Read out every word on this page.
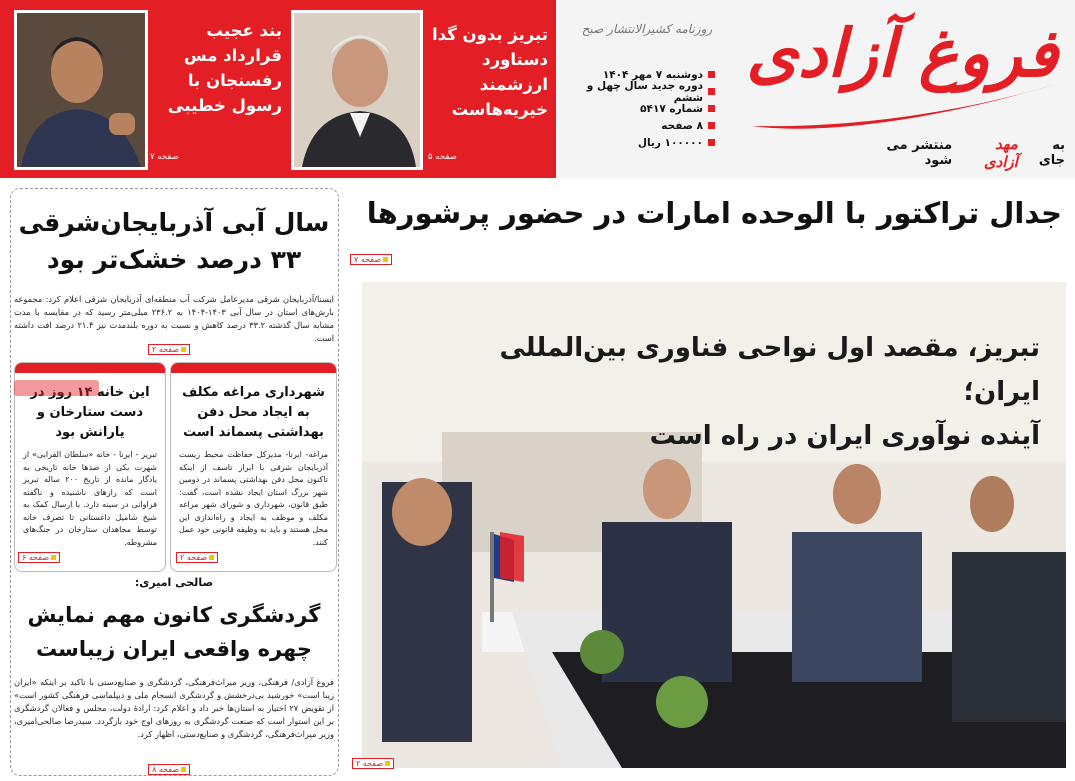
فروغ آزادی
به جای
مهد آزادی
منتشر می شود
روزنامه کشیرالانتشار صبح
دوشنبه ۷ مهر ۱۴۰۴
دوره جدید سال چهل و ششم
شماره ۵۴۱۷
۸ صفحه
۱۰۰۰۰۰ ریال
تبریز بدون گدا دستاورد ارزشمند خیریه‌هاست
صفحه ۵
بند عجیب قرارداد مس رفسنجان با رسول خطیبی
صفحه ۷
جدال تراکتور با الوحده امارات در حضور پرشورها
صفحه ۷
تبریز، مقصد اول نواحی فناوری بین‌المللی ایران؛
آینده نوآوری ایران در راه است
صفحه ۲
سال آبی آذربایجان‌شرقی ۳۳ درصد خشک‌تر بود
ایسنا/آذربایجان شرقی مدیرعامل شرکت آب منطقه‌ای آذربایجان شرقی اعلام کرد: مجموعه بارش‌های استان در سال آبی ۱۴۰۳-۱۴۰۴ به ۲۳۶.۲ میلی‌متر رسید که در مقایسه با مدت مشابه سال گذشته ۳۳.۲ درصد کاهش و نسبت به دوره بلندمدت نیز ۲۱.۴ درصد افت داشته است.
صفحه ۲
شهرداری مراغه مکلف به ایجاد محل دفن بهداشتی پسماند است
مراغه- ایرنا- مدیرکل حفاظت محیط زیست آذربایجان شرقی با ابراز تاسف از اینکه تاکنون محل دفن بهداشتی پسماند در دومین شهر بزرگ استان ایجاد نشده است، گفت: طبق قانون، شهرداری و شورای شهر مراغه مکلف و موظف به ایجاد و راه‌اندازی این محل هستند و باید به وظیفه قانونی خود عمل کنند.
صفحه ۲
این خانه ۱۴ روز در دست ستارخان و یارانش بود
تبریز - ایرنا - خانه «سلطان القرایی» از شهرت یکی از صدها خانه تاریخی به یادگار مانده از تاریخ ۲۰۰ ساله تبریز است که رازهای ناشنیده و ناگفته فراوانی در سینه دارد. با ارسال کمک به شیخ شامیل داغستانی تا تصرف خانه توسط مجاهدان ستارخان در جنگ‌های مشروطه.
صفحه ۶
صالحی امیری:
گردشگری کانون مهم نمایش چهره واقعی ایران زیباست
فروغ آزادی/ فرهنگی، وزیر میراث‌فرهنگی، گردشگری و صنایع‌دستی با تاکید بر اینکه «ایران زیبا است» خورشید بی‌درخشش و گردشگری انسجام ملی و دیپلماسی فرهنگی کشور است» از تقویض ۲۷ اختیار به استان‌ها خبر داد و اعلام کرد: ارادهٔ دولت، مجلس و فعالان گردشگری بر این استوار است که صنعت گردشگری به روزهای اوج خود بازگردد. سیدرضا صالحی‌امیری، وزیر میراث‌فرهنگی، گردشگری و صنایع‌دستی، اظهار کرد.
صفحه ۸
